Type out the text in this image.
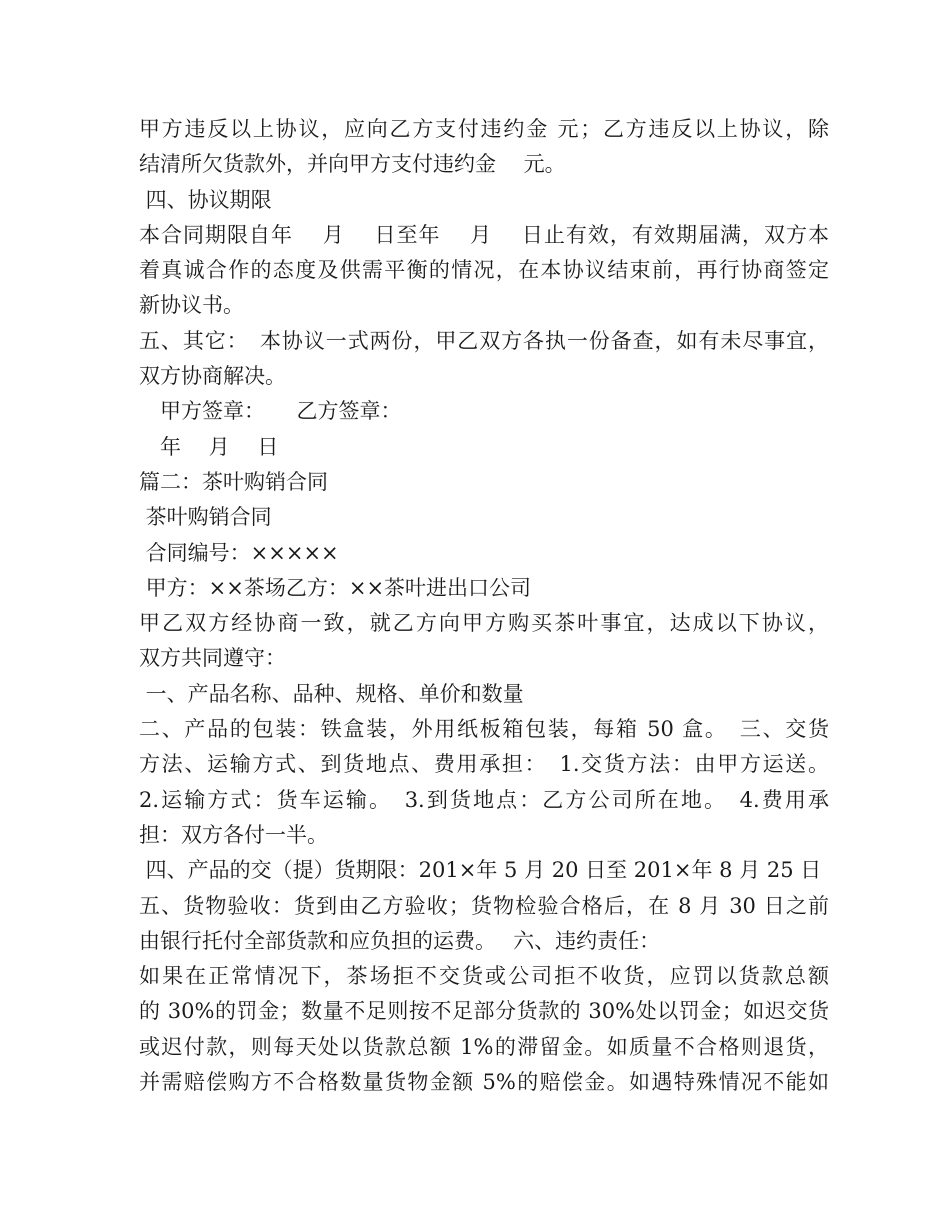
甲方违反以上协议，应向乙方支付违约金 元；乙方违反以上协议，除
结清所欠货款外，并向甲方支付违约金　 元。
四、协议期限
本合同期限自年　 月　 日至年　 月　 日止有效，有效期届满，双方本
着真诚合作的态度及供需平衡的情况，在本协议结束前，再行协商签定
新协议书。
五、其它：　本协议一式两份，甲乙双方各执一份备查，如有未尽事宜，
双方协商解决。
　甲方签章：　　乙方签章：
　年　 月　 日
篇二：茶叶购销合同
茶叶购销合同
合同编号：×××××
甲方：××茶场乙方：××茶叶进出口公司
甲乙双方经协商一致，就乙方向甲方购买茶叶事宜，达成以下协议，
双方共同遵守：
一、产品名称、品种、规格、单价和数量
二、产品的包装：铁盒装，外用纸板箱包装，每箱 50 盒。　三、交货
方法、运输方式、到货地点、费用承担：　1.交货方法：由甲方运送。
2.运输方式：货车运输。　3.到货地点：乙方公司所在地。　4.费用承
担：双方各付一半。
四、产品的交（提）货期限：201×年 5 月 20 日至 201×年 8 月 25 日
五、货物验收：货到由乙方验收；货物检验合格后，在 8 月 30 日之前
由银行托付全部货款和应负担的运费。　 六、违约责任：
如果在正常情况下，茶场拒不交货或公司拒不收货，应罚以货款总额
的 30%的罚金；数量不足则按不足部分货款的 30%处以罚金；如迟交货
或迟付款，则每天处以货款总额 1%的滞留金。如质量不合格则退货，
并需赔偿购方不合格数量货物金额 5%的赔偿金。如遇特殊情况不能如
